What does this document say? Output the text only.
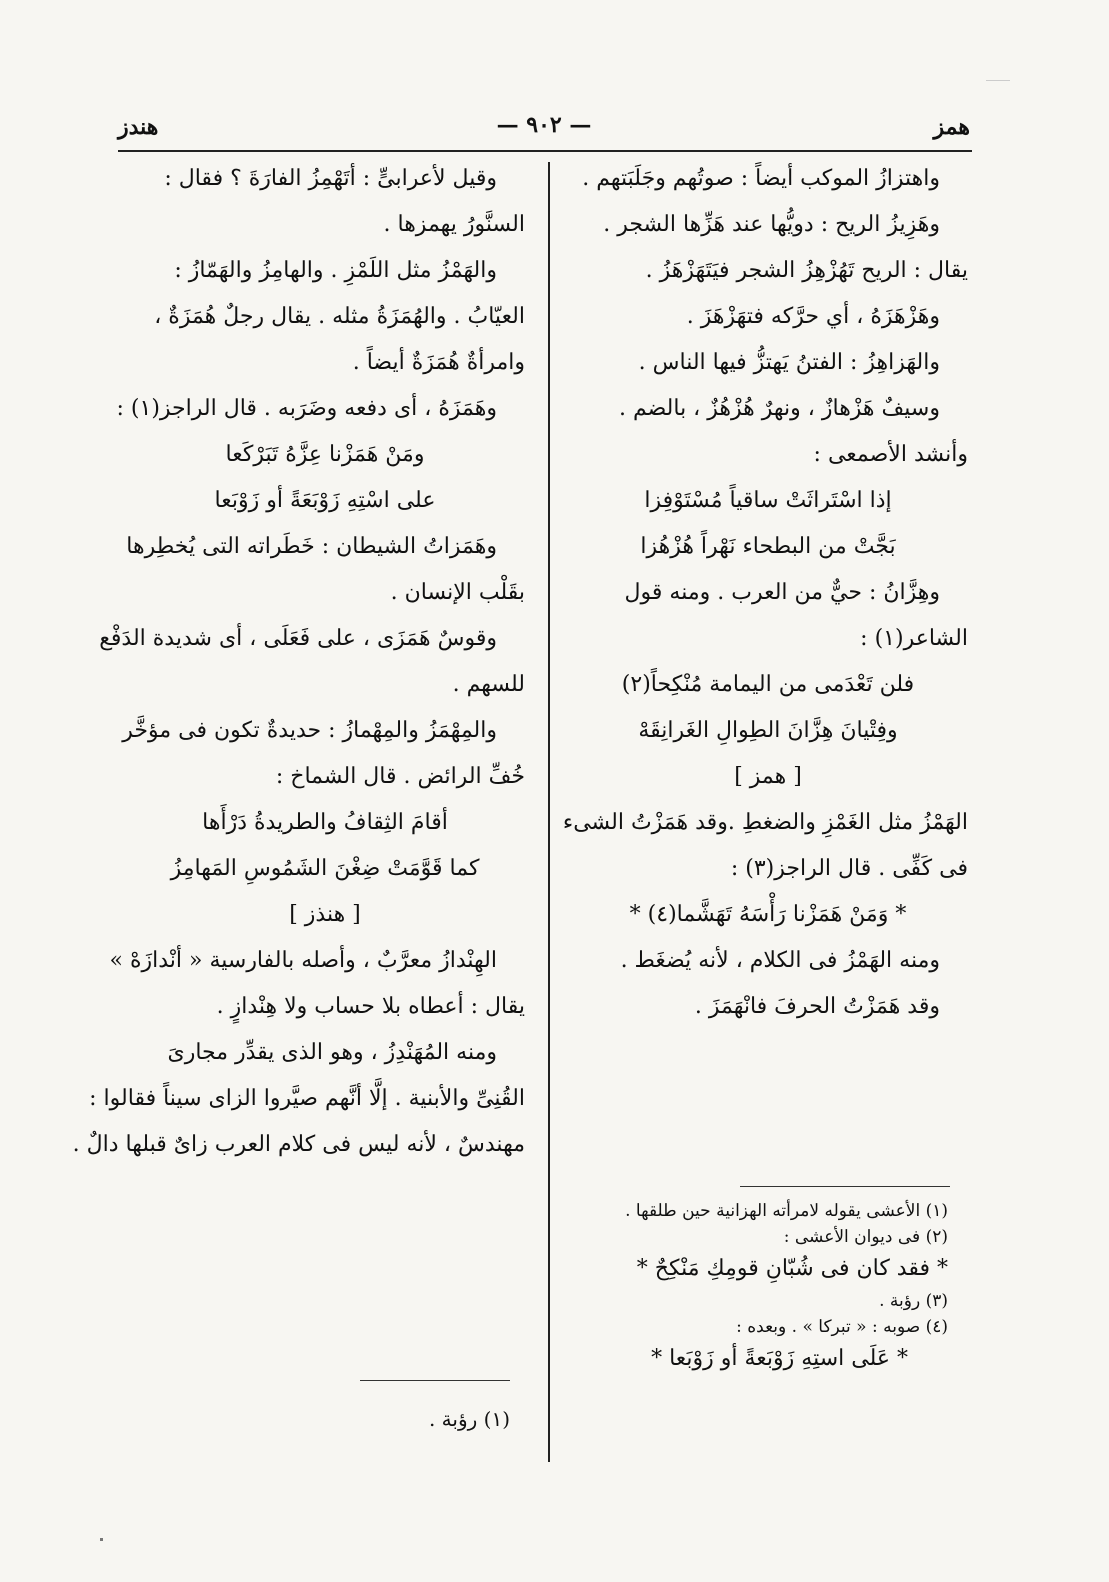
همز
— ٩٠٢ —
هندز
واهتزازُ الموكب أيضاً : صوتُهم وجَلَبَتهم .
وهَزِيزُ الريح : دويُّها عند هَزِّها الشجر .
يقال : الريح تَهُزْهِزُ الشجر فيَتَهَزْهَزُ .
وهَزْهَزَهُ ، أي حرَّكه فتهَزْهَزَ .
والهَزاهِزُ : الفتنُ يَهتزُّ فيها الناس .
وسيفٌ هَزْهازٌ ، ونهرٌ هُزْهُزٌ ، بالضم .
وأنشد الأصمعى :
إذا اسْتَراثَتْ ساقياً مُسْتَوْفِزا
بَجَّتْ من البطحاء نَهْراً هُزْهُزا
وهِزَّانُ : حيٌّ من العرب . ومنه قول
الشاعر(١) :
فلن تَعْدَمى من اليمامة مُنْكِحاً(٢)
وفِتْيانَ هِزَّانَ الطِوالِ الغَرانِقَهْ
[ همز ]
الهَمْزُ مثل الغَمْزِ والضغطِ .وقد هَمَزْتُ الشىء
فى كَفِّى . قال الراجز(٣) :
* وَمَنْ هَمَزْنا رَأْسَهُ تَهَشَّما(٤) *
ومنه الهَمْزُ فى الكلام ، لأنه يُضغَط .
وقد هَمَزْتُ الحرفَ فانْهَمَزَ .
(١) الأعشى يقوله لامرأته الهزانية حين طلقها .
(٢) فى ديوان الأعشى :
* فقد كان فى شُبّانِ قومِكِ مَنْكِحٌ *
(٣) رؤبة .
(٤) صوبه : « تبركا » . وبعده :
* عَلَى استِهِ زَوْبَعةً أو زَوْبَعا *
وقيل لأعرابىٍّ : أتَهْمِزُ الفارَةَ ؟ فقال :
السنَّورُ يهمزها .
والهَمْزُ مثل اللَمْزِ . والهامِزُ والهَمّازُ :
العيّابُ . والهُمَزَةُ مثله . يقال رجلٌ هُمَزَةٌ ،
وامرأةٌ هُمَزَةٌ أيضاً .
وهَمَزَهُ ، أى دفعه وضَرَبه . قال الراجز(١) :
ومَنْ هَمَزْنا عِزَّهُ تَبَرْكَعا
على اسْتِهِ زَوْبَعَةً أو زَوْبَعا
وهَمَزاتُ الشيطان : خَطَراته التى يُخطِرها
بقَلْب الإنسان .
وقوسٌ هَمَزَى ، على فَعَلَى ، أى شديدة الدَفْع
للسهم .
والمِهْمَزُ والمِهْمازُ : حديدةٌ تكون فى مؤخَّر
خُفِّ الرائض . قال الشماخ :
أقامَ الثِقافُ والطريدةُ دَرْأَها
كما قَوَّمَتْ ضِغْنَ الشَمُوسِ المَهامِزُ
[ هنذز ]
الهِنْدازُ معرَّبٌ ، وأصله بالفارسية « أنْدازَهْ »
يقال : أعطاه بلا حساب ولا هِنْدازٍ .
ومنه المُهَنْدِزُ ، وهو الذى يقدِّر مجارىَ
القُنِىِّ والأبنية . إلَّا أنَّهم صيَّروا الزاى سيناً فقالوا :
مهندسٌ ، لأنه ليس فى كلام العرب زاىٌ قبلها دالٌ .
(١) رؤبة .
